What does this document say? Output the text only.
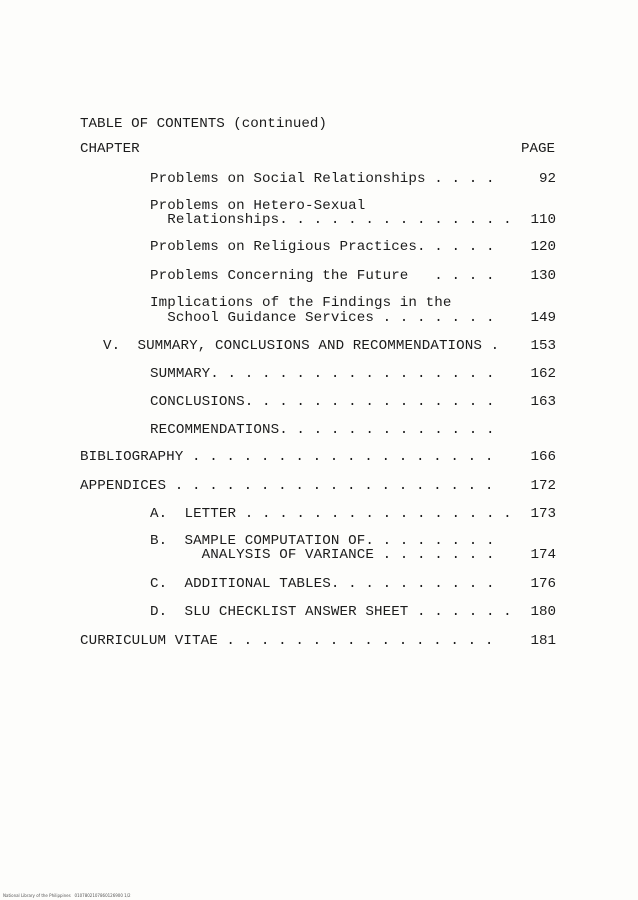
TABLE OF CONTENTS (continued)
CHAPTER	PAGE
Problems on Social Relationships . . . .	92
Problems on Hetero-Sexual
Relationships. . . . . . . . . . . . . .	110
Problems on Religious Practices. . . . .	120
Problems Concerning the Future   . . . .	130
Implications of the Findings in the
School Guidance Services . . . . . . .	149
V.  SUMMARY, CONCLUSIONS AND RECOMMENDATIONS .	153
SUMMARY. . . . . . . . . . . . . . . . .	162
CONCLUSIONS. . . . . . . . . . . . . . .	163
RECOMMENDATIONS. . . . . . . . . . . . .
BIBLIOGRAPHY . . . . . . . . . . . . . . . . . .	166
APPENDICES . . . . . . . . . . . . . . . . . . .	172
A.  LETTER . . . . . . . . . . . . . . . .	173
B.  SAMPLE COMPUTATION OF. . . . . . . .
ANALYSIS OF VARIANCE . . . . . . .	174
C.  ADDITIONAL TABLES. . . . . . . . . .	176
D.  SLU CHECKLIST ANSWER SHEET . . . . . .	180
CURRICULUM VITAE . . . . . . . . . . . . . . . .	181
National Library of the Philippines   0107802107860126900 1/2
